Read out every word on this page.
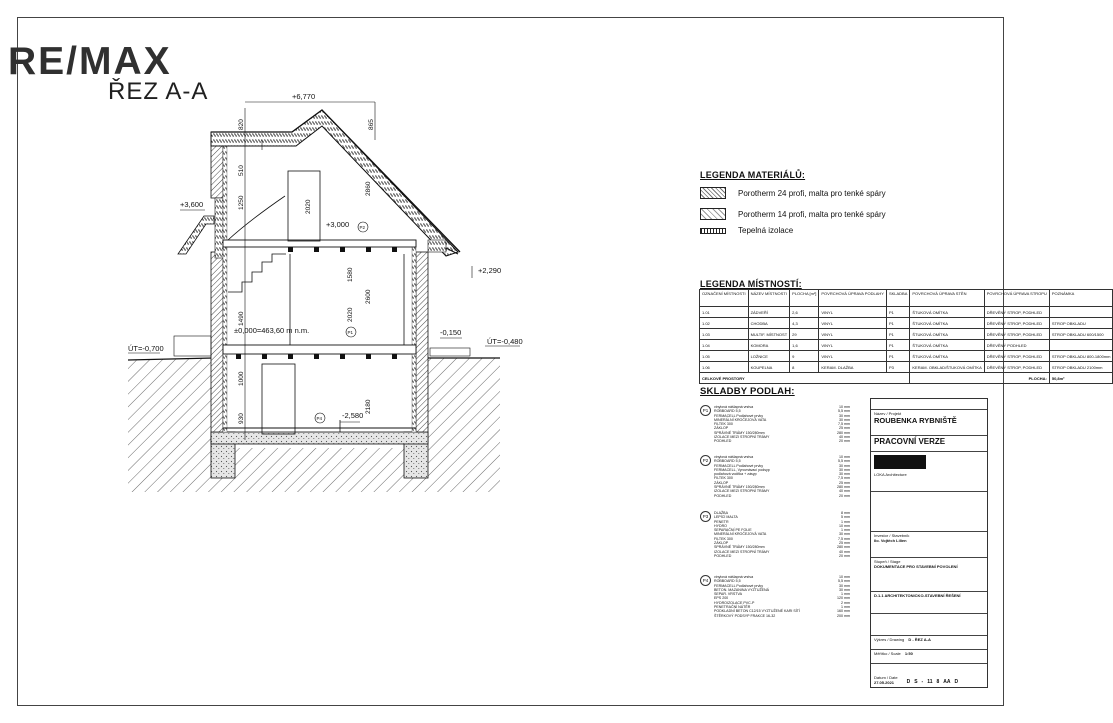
RE/MAX
ŘEZ A-A	+6,770
+3,600
+3,000
+2,290
±0,000=463,60 m n.m.	-0,150
ÚT=-0,700
ÚT=-0,480
-2,580
820
510
1250
1490
1000
930
865
2020
2860
2020
2600
2180
1580
P2
P1
P4
LEGENDA MATERIÁLŮ:
Porotherm 24 profi, malta pro tenké spáry
Porotherm 14 profi, malta pro tenké spáry
Tepelná izolace
LEGENDA MÍSTNOSTÍ:
OZNAČENÍ MÍSTNOSTI	NÁZEV MÍSTNOSTI	PLOCHA [m²]	POVRCHOVÁ ÚPRAVA PODLAHY	SKLADBA	POVRCHOVÁ ÚPRAVA STĚN	POVRCHOVÁ ÚPRAVA STROPU	POZNÁMKA
1.01	ZÁDVEŘÍ	2,6	VINYL	P1	ŠTUKOVÁ OMÍTKA	DŘEVĚNÝ STROP, PODHLED	
1.02	CHODBA	4,3	VINYL	P1	ŠTUKOVÁ OMÍTKA	DŘEVĚNÝ STROP, PODHLED	STROP OBKLADU
1.03	MULTIF. MÍSTNOST	29	VINYL	P1	ŠTUKOVÁ OMÍTKA	DŘEVĚNÝ STROP, PODHLED	STROP OBKLADU 600/1500
1.04	KOMORA	1,6	VINYL	P1	ŠTUKOVÁ OMÍTKA	DŘEVĚNÝ PODHLED	
1.05	LOŽNICE	9	VINYL	P1	ŠTUKOVÁ OMÍTKA	DŘEVĚNÝ STROP, PODHLED	STROP OBKLADU 800-1800mm
1.06	KOUPELNA	8	KERAM. DLAŽBA	P3	KERAM. OBKLAD/ŠTUKOVÁ OMÍTKA	DŘEVĚNÝ STROP, PODHLED	STROP OBKLADU 2100mm
CELKOVÉ PROSTORY					PLOCHA:		50,8m²
SKLADBY PODLAH:
P1
vinylová nášlapná vrstva	10 mm
ROBBOARD 5,5	5,5 mm
FERMACELL Podlahové prvky	30 mm
MINERÁLNÍ KROČEJOVÁ VATA	30 mm
FILTEK 300	7,5 mm
ZÁKLOP	25 mm
SPRÁVNÉ TRÁMY 150/280mm	280 mm
IZOLACE MEZI STROPNÍ TRÁMY	40 mm
PODHLED	20 mm
P2
vinylová nášlapná vrstva	10 mm
ROBBOARD 5,5	5,5 mm
FERMACELL Podlahové prvky	30 mm
FERMACELL, Vyrovnávací podsyp	30 mm
podlahová vodítka + zásyp	30 mm
FILTEK 300	7,5 mm
ZÁKLOP	25 mm
SPRÁVNÉ TRÁMY 150/280mm	280 mm
IZOLACE MEZI STROPNÍ TRÁMY	40 mm
PODHLED	20 mm
P3
DLAŽBA	8 mm
LEPÍCÍ MALTA	5 mm
PENETR	1 mm
HYDRO	10 mm
SEPARAČNÍ PE FOLIE	1 mm
MINERÁLNÍ KROČEJOVÁ VATA	30 mm
FILTEK 300	7,5 mm
ZÁKLOP	25 mm
SPRÁVNÉ TRÁMY 150/280mm	280 mm
IZOLACE MEZI STROPNÍ TRÁMY	40 mm
PODHLED	20 mm
P4
vinylová nášlapná vrstva	10 mm
ROBBOARD 5,5	5,5 mm
FERMACELL Podlahové prvky	30 mm
BETON. MAZANINA VYZTUŽENÁ	30 mm
SEPAR. VRSTVA	1 mm
EPS 200	120 mm
HYDROIZOLACE PVC-P	2 mm
PENETRAČNÍ NÁTĚR	1 mm
PODKLADNÍ BETON C12/15 VYZTUŽENÉ KARI SÍTÍ	160 mm
ŠTĚRKOVÝ PODSYP FRAKCE 16-32	200 mm
Název / Projekt
ROUBENKA RYBNIŠTĚ
PRACOVNÍ VERZE
LOKA Architecture
Investor / Stavebník
Ilo. Vojtěch Lilien
Stupeň / Stage
DOKUMENTACE PRO STAVEBNÍ POVOLENÍ
D.1.1 ARCHITEKTONICKO-STAVEBNÍ ŘEŠENÍ
Výkres / Drawing D - ŘEZ A-A
Měřítko / Scale 1:50
Datum / Date
27.05.2021	D S - 11 8 AA D
